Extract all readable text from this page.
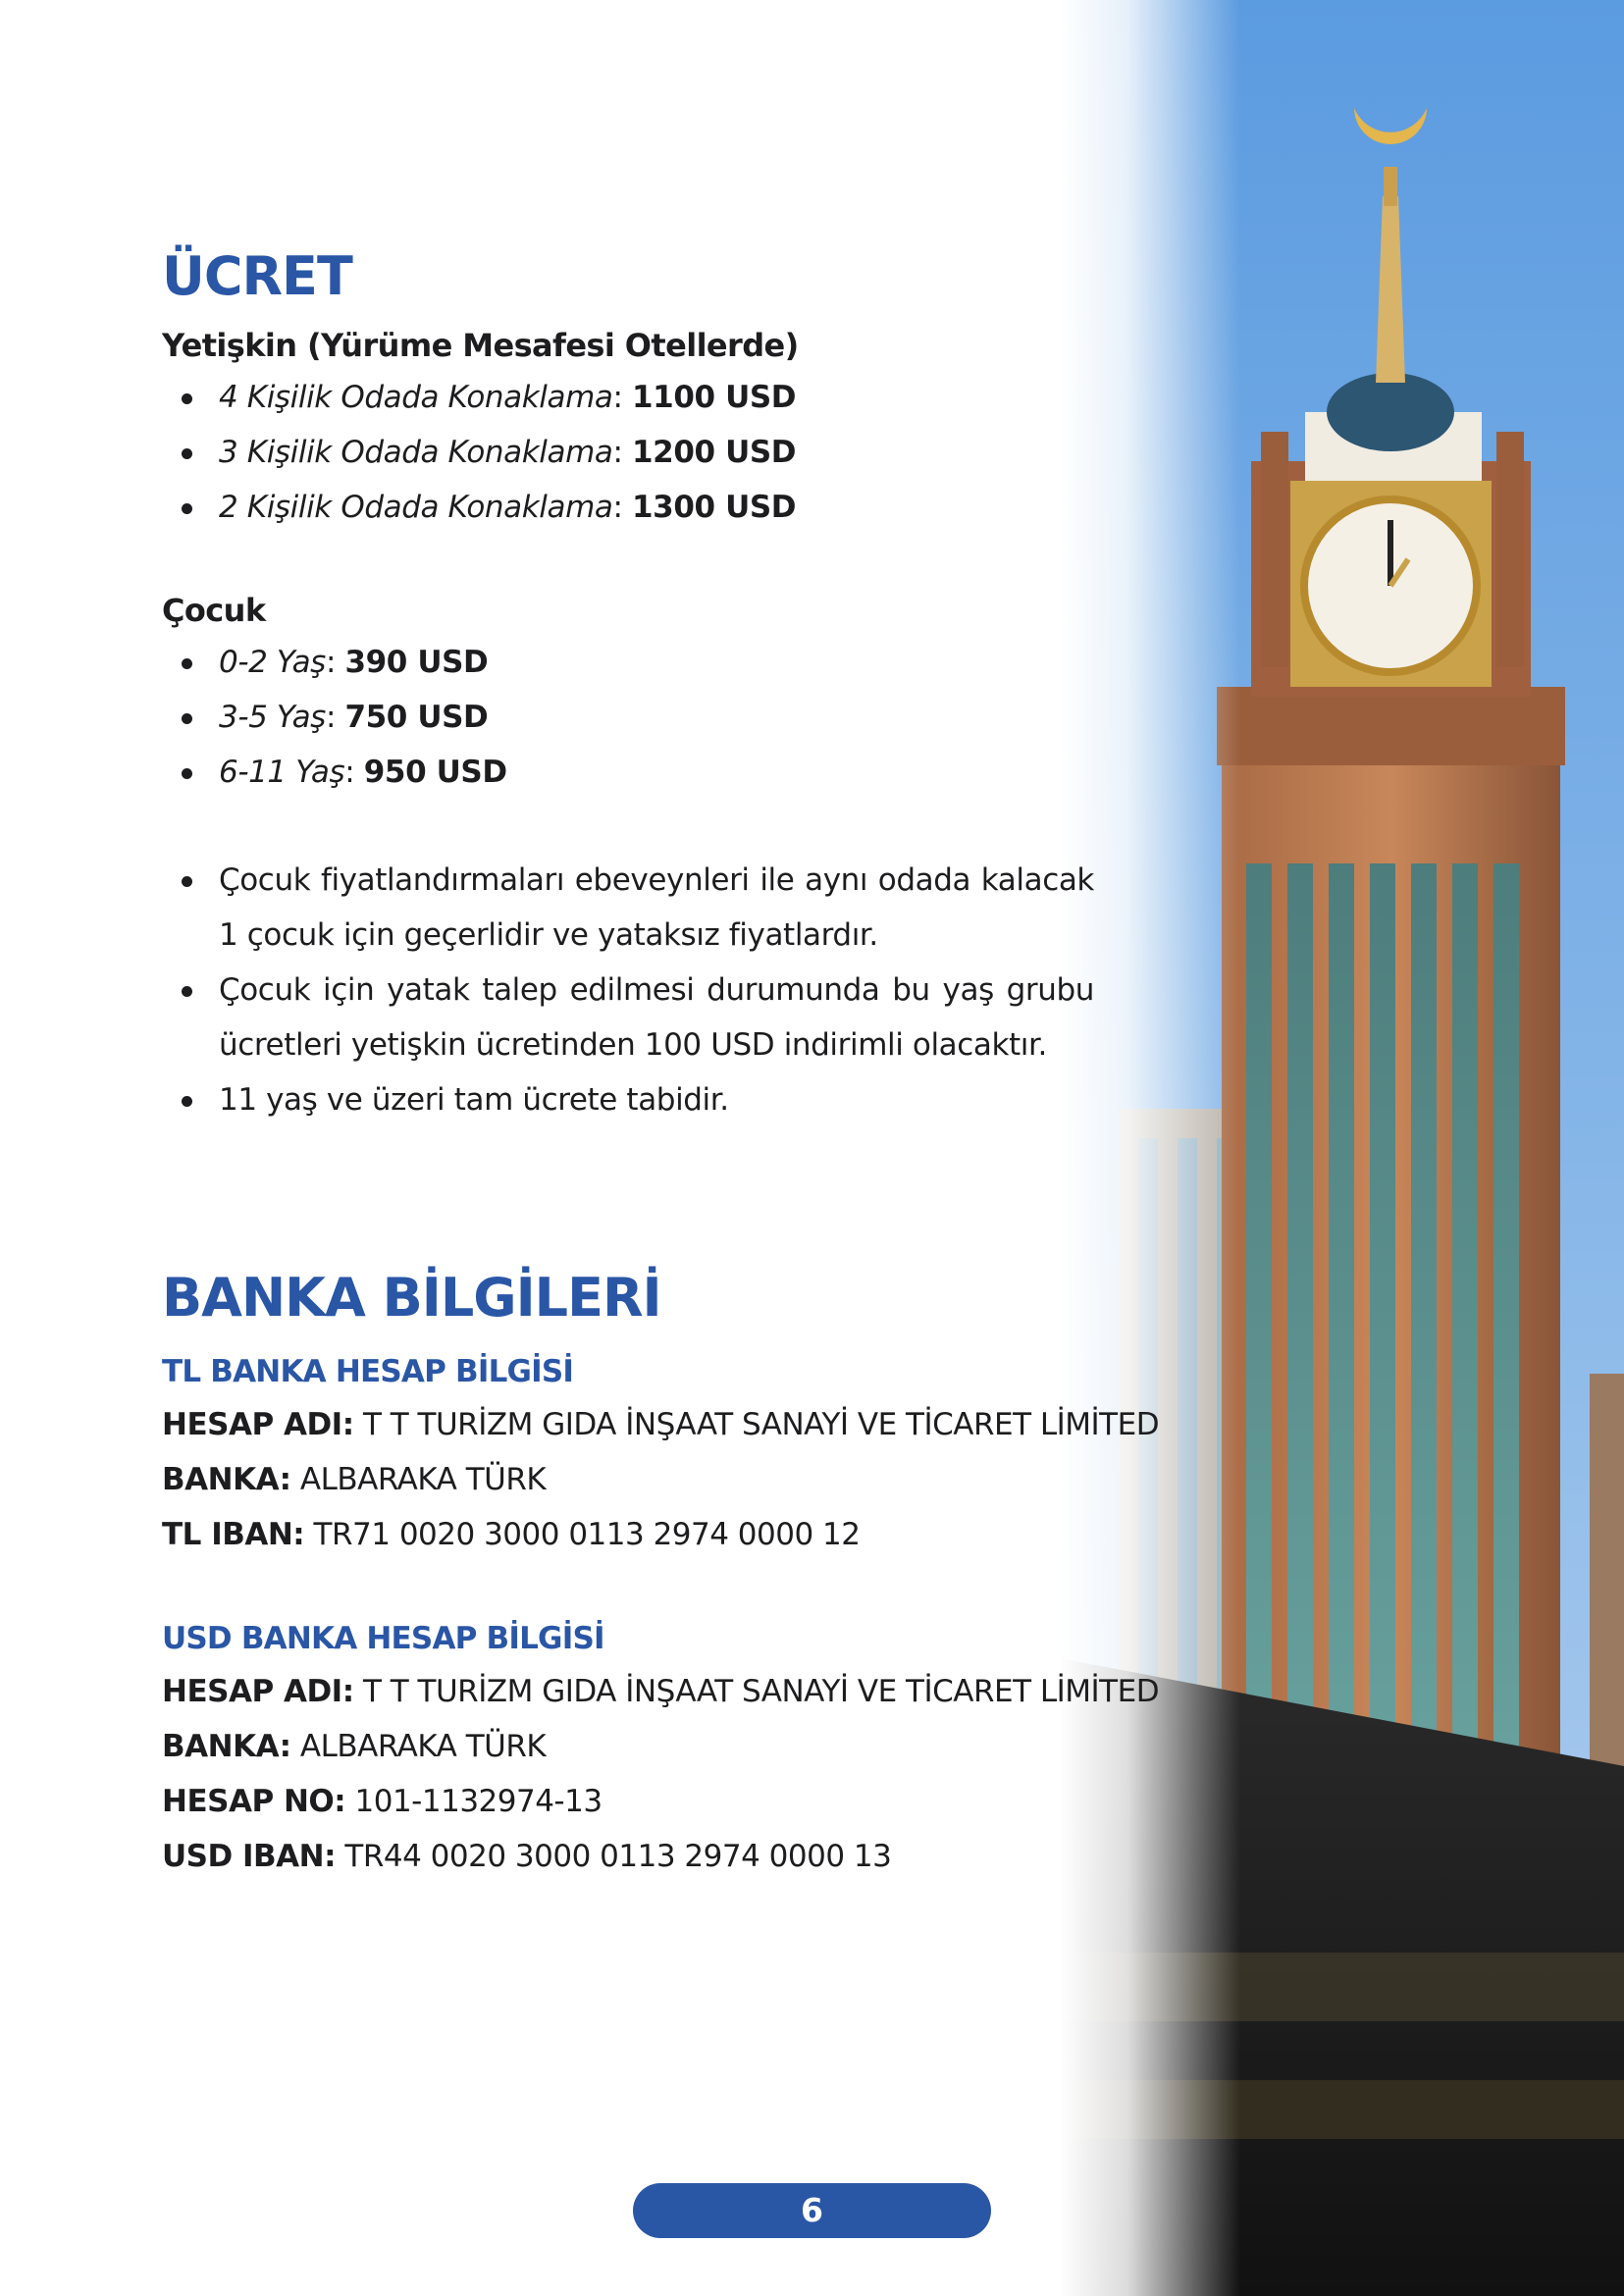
ÜCRET

Yetişkin (Yürüme Mesafesi Otellerde)

4 Kişilik Odada Konaklama: 1100 USD
3 Kişilik Odada Konaklama: 1200 USD
2 Kişilik Odada Konaklama: 1300 USD

Çocuk

0-2 Yaş: 390 USD
3-5 Yaş: 750 USD
6-11 Yaş: 950 USD
Çocuk fiyatlandırmaları ebeveynleri ile aynı odada kalacak 1 çocuk için geçerlidir ve yataksız fiyatlardır.
Çocuk için yatak talep edilmesi durumunda bu yaş grubu ücretleri yetişkin ücretinden 100 USD indirimli olacaktır.
11 yaş ve üzeri tam ücrete tabidir.
BANKA BİLGİLERİ

TL BANKA HESAP BİLGİSİ

HESAP ADI: T T TURİZM GIDA İNŞAAT SANAYİ VE TİCARET LİMİTED
BANKA: ALBARAKA TÜRK
TL IBAN: TR71 0020 3000 0113 2974 0000 12

USD BANKA HESAP BİLGİSİ

HESAP ADI: T T TURİZM GIDA İNŞAAT SANAYİ VE TİCARET LİMİTED
BANKA: ALBARAKA TÜRK
HESAP NO: 101-1132974-13
USD IBAN: TR44 0020 3000 0113 2974 0000 13
6
